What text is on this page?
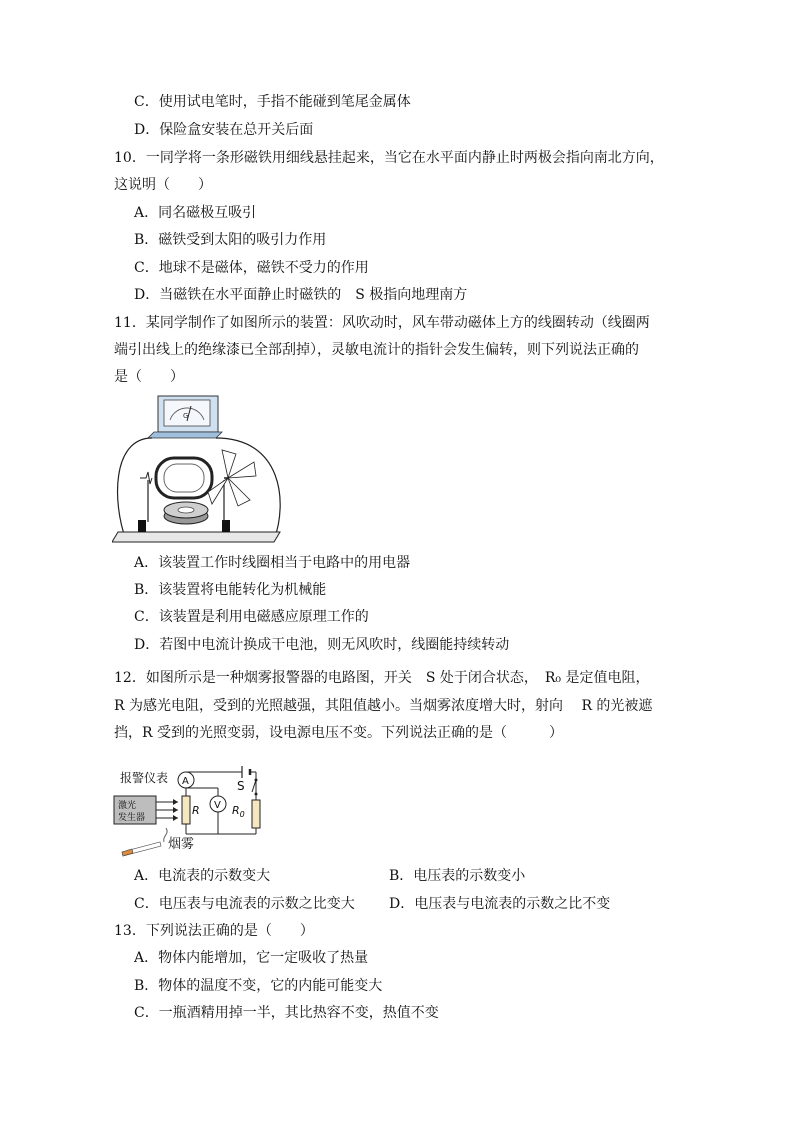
C．使用试电笔时，手指不能碰到笔尾金属体
D．保险盒安装在总开关后面
10．一同学将一条形磁铁用细线悬挂起来，当它在水平面内静止时两极会指向南北方向，
这说明（　　）
A．同名磁极互吸引
B．磁铁受到太阳的吸引力作用
C．地球不是磁体，磁铁不受力的作用
D．当磁铁在水平面静止时磁铁的　S 极指向地理南方
11．某同学制作了如图所示的装置：风吹动时，风车带动磁体上方的线圈转动（线圈两
端引出线上的绝缘漆已全部刮掉），灵敏电流计的指针会发生偏转，则下列说法正确的
是（　　）
G
A．该装置工作时线圈相当于电路中的用电器
B．该装置将电能转化为机械能
C．该装置是利用电磁感应原理工作的
D．若图中电流计换成干电池，则无风吹时，线圈能持续转动
12．如图所示是一种烟雾报警器的电路图，开关　S 处于闭合状态，　R₀ 是定值电阻，
R 为感光电阻，受到的光照越强，其阻值越小。当烟雾浓度增大时，射向　 R 的光被遮
挡，R 受到的光照变弱，设电源电压不变。下列说法正确的是（　　　）
S
$R_0$
A
R V
报警仪表
激光
发生器
烟雾
A．电流表的示数变大	B．电压表的示数变小
C．电压表与电流表的示数之比变大 D．电压表与电流表的示数之比不变
13．下列说法正确的是（　　）
A．物体内能增加，它一定吸收了热量
B．物体的温度不变，它的内能可能变大
C．一瓶酒精用掉一半，其比热容不变，热值不变
